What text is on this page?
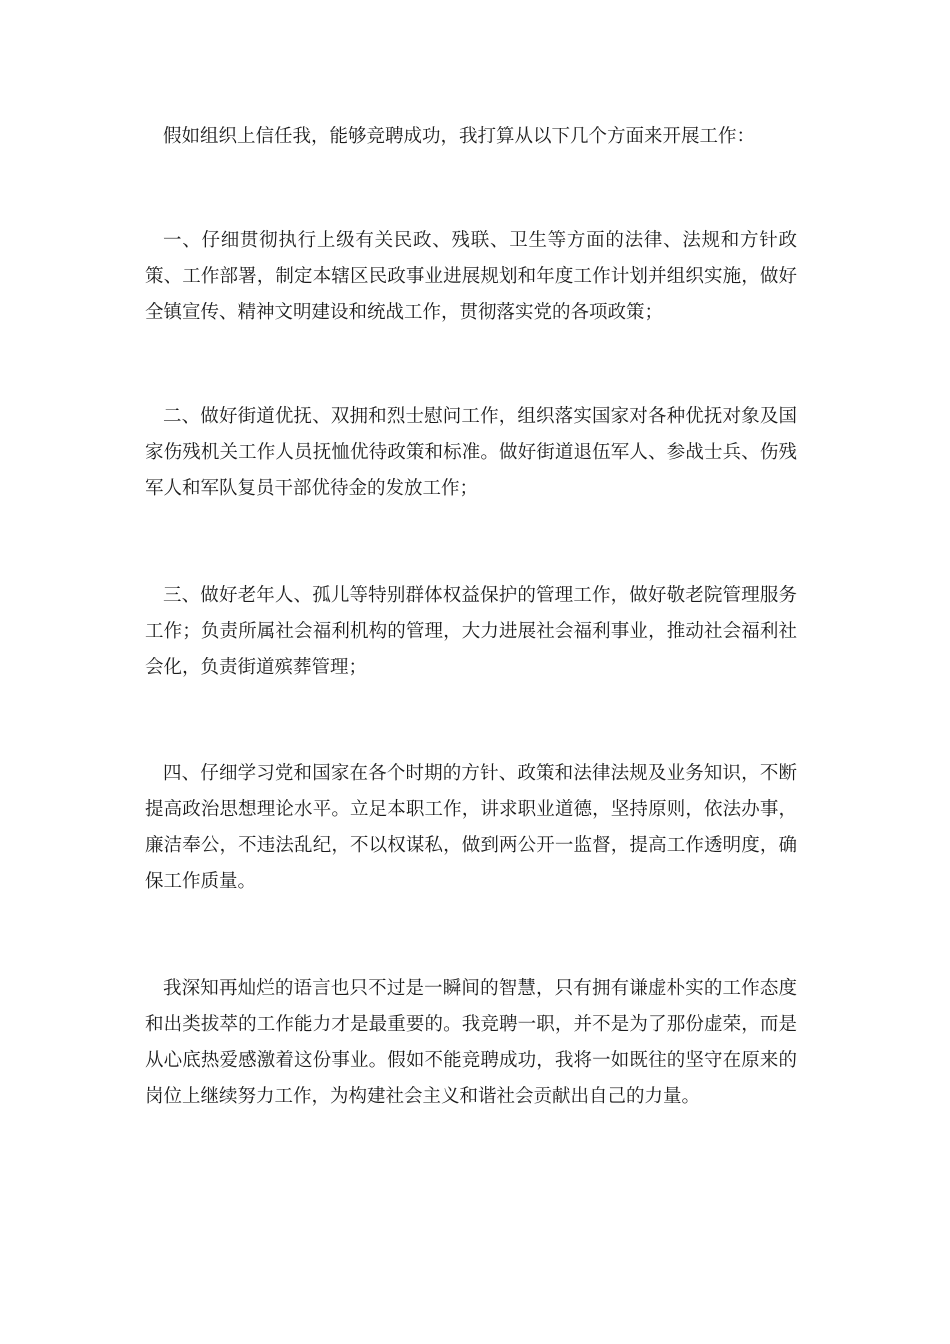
假如组织上信任我，能够竞聘成功，我打算从以下几个方面来开展工作：

一、仔细贯彻执行上级有关民政、残联、卫生等方面的法律、法规和方针政策、工作部署，制定本辖区民政事业进展规划和年度工作计划并组织实施，做好全镇宣传、精神文明建设和统战工作，贯彻落实党的各项政策；

二、做好街道优抚、双拥和烈士慰问工作，组织落实国家对各种优抚对象及国家伤残机关工作人员抚恤优待政策和标准。做好街道退伍军人、参战士兵、伤残军人和军队复员干部优待金的发放工作；

三、做好老年人、孤儿等特别群体权益保护的管理工作，做好敬老院管理服务工作；负责所属社会福利机构的管理，大力进展社会福利事业，推动社会福利社会化，负责街道殡葬管理；

四、仔细学习党和国家在各个时期的方针、政策和法律法规及业务知识，不断提高政治思想理论水平。立足本职工作，讲求职业道德，坚持原则，依法办事，廉洁奉公，不违法乱纪，不以权谋私，做到两公开一监督，提高工作透明度，确保工作质量。

我深知再灿烂的语言也只不过是一瞬间的智慧，只有拥有谦虚朴实的工作态度和出类拔萃的工作能力才是最重要的。我竞聘一职，并不是为了那份虚荣，而是从心底热爱感激着这份事业。假如不能竞聘成功，我将一如既往的坚守在原来的岗位上继续努力工作，为构建社会主义和谐社会贡献出自己的力量。
